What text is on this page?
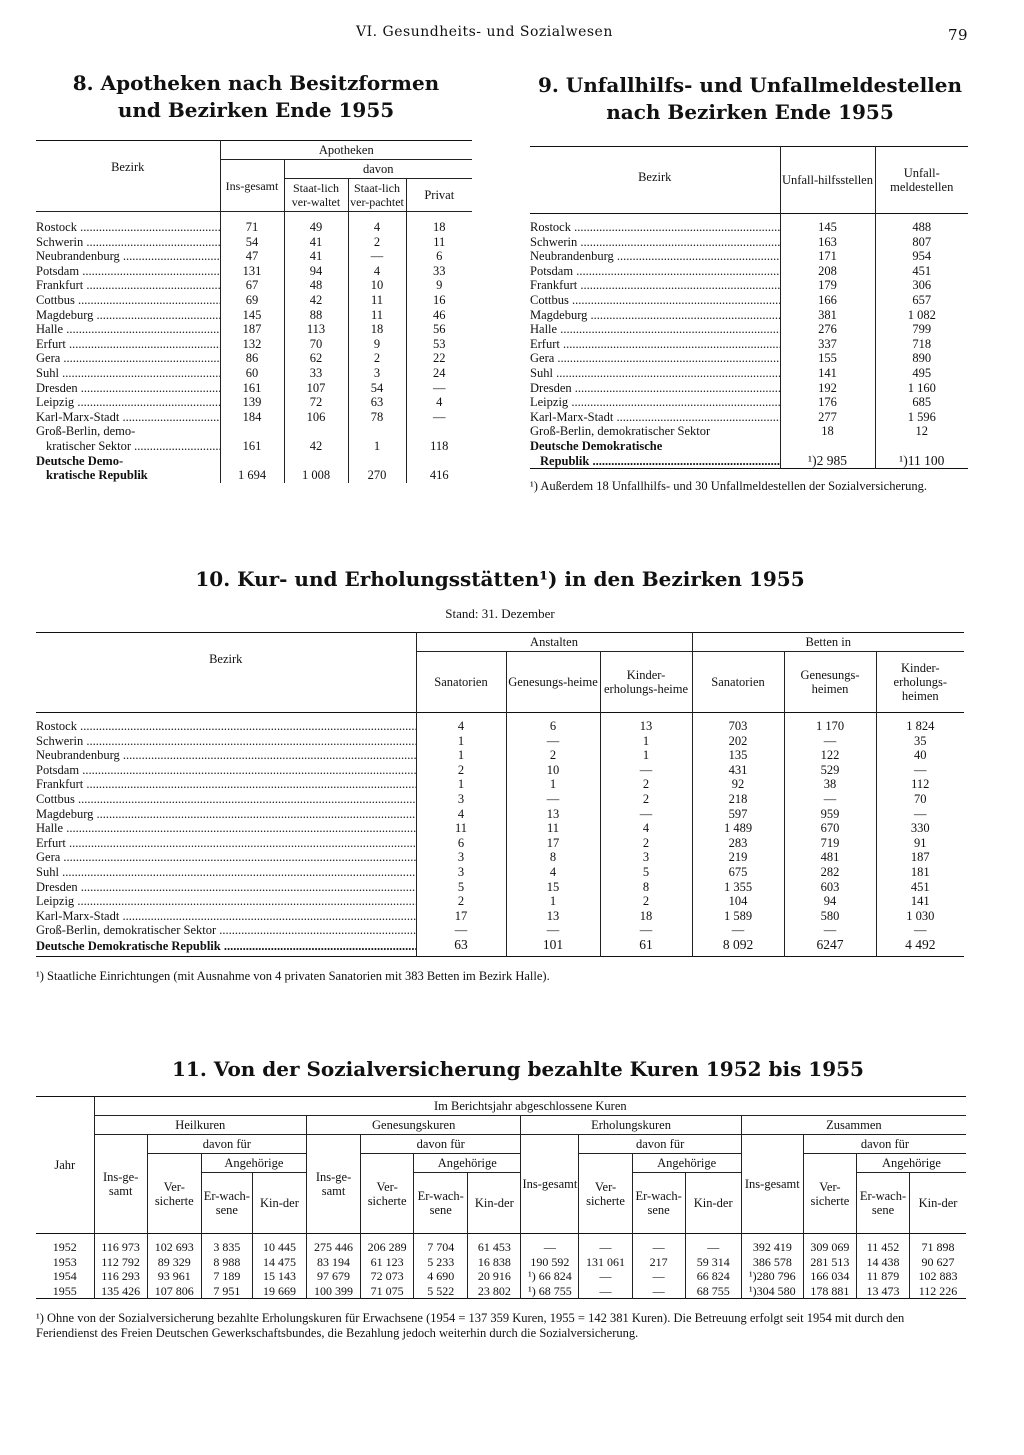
VI. Gesundheits- und Sozialwesen	79
8. Apotheken nach Besitzformen
und Bezirken Ende 1955
Bezirk	Apotheken			
	Ins-gesamt	davon		
		Staat-lich ver-waltet	Staat-lich ver-pachtet	Privat
Rostock .....	71	49	4	18
Schwerin .....	54	41	2	11
Neubrandenburg .....	47	41	—	6
Potsdam .....	131	94	4	33
Frankfurt .....	67	48	10	9
Cottbus .....	69	42	11	16
Magdeburg .....	145	88	11	46
Halle .....	187	113	18	56
Erfurt .....	132	70	9	53
Gera .....	86	62	2	22
Suhl .....	60	33	3	24
Dresden .....	161	107	54	—
Leipzig .....	139	72	63	4
Karl-Marx-Stadt .....	184	106	78	—
Groß-Berlin, demo-				
kratischer Sektor .....	161	42	1	118
Deutsche Demo-				
kratische Republik	1 694	1 008	270	416
9. Unfallhilfs- und Unfallmeldestellen
nach Bezirken Ende 1955
Bezirk	Unfall-hilfsstellen	Unfall-meldestellen
Rostock .....	145	488
Schwerin .....	163	807
Neubrandenburg .....	171	954
Potsdam .....	208	451
Frankfurt .....	179	306
Cottbus .....	166	657
Magdeburg .....	381	1 082
Halle .....	276	799
Erfurt .....	337	718
Gera .....	155	890
Suhl .....	141	495
Dresden .....	192	1 160
Leipzig .....	176	685
Karl-Marx-Stadt .....	277	1 596
Groß-Berlin, demokratischer Sektor	18	12
Deutsche Demokratische		
Republik .....	¹)2 985	¹)11 100
¹) Außerdem 18 Unfallhilfs- und 30 Unfallmeldestellen der Sozialversicherung.
10. Kur- und Erholungsstätten¹) in den Bezirken 1955
Stand: 31. Dezember
Bezirk	Anstalten			Betten in		
	Sanatorien	Genesungs-heime	Kinder-erholungs-heime	Sanatorien	Genesungs-heimen	Kinder-erholungs-heimen
Rostock .....	4	6	13	703	1 170	1 824
Schwerin .....	1	—	1	202	—	35
Neubrandenburg .....	1	2	1	135	122	40
Potsdam .....	2	10	—	431	529	—
Frankfurt .....	1	1	2	92	38	112
Cottbus .....	3	—	2	218	—	70
Magdeburg .....	4	13	—	597	959	—
Halle .....	11	11	4	1 489	670	330
Erfurt .....	6	17	2	283	719	91
Gera .....	3	8	3	219	481	187
Suhl .....	3	4	5	675	282	181
Dresden .....	5	15	8	1 355	603	451
Leipzig .....	2	1	2	104	94	141
Karl-Marx-Stadt .....	17	13	18	1 589	580	1 030
Groß-Berlin, demokratischer Sektor .....	—	—	—	—	—	—
Deutsche Demokratische Republik .....	63	101	61	8 092	6247	4 492
¹) Staatliche Einrichtungen (mit Ausnahme von 4 privaten Sanatorien mit 383 Betten im Bezirk Halle).
11. Von der Sozialversicherung bezahlte Kuren 1952 bis 1955
Jahr	Im Berichtsjahr abgeschlossene Kuren															
	Heilkuren				Genesungskuren				Erholungskuren				Zusammen			
	Ins-ge-samt	davon für			Ins-ge-samt	davon für			Ins-gesamt	davon für			Ins-gesamt	davon für		
		Ver-sicherte	Angehörige			Ver-sicherte	Angehörige			Ver-sicherte	Angehörige			Ver-sicherte	Angehörige	
			Er-wach-sene	Kin-der			Er-wach-sene	Kin-der			Er-wach-sene	Kin-der			Er-wach-sene	Kin-der
1952	116 973	102 693	3 835	10 445	275 446	206 289	7 704	61 453	—	—	—	—	392 419	309 069	11 452	71 898
1953	112 792	89 329	8 988	14 475	83 194	61 123	5 233	16 838	190 592	131 061	217	59 314	386 578	281 513	14 438	90 627
1954	116 293	93 961	7 189	15 143	97 679	72 073	4 690	20 916	¹) 66 824	—	—	66 824	¹)280 796	166 034	11 879	102 883
1955	135 426	107 806	7 951	19 669	100 399	71 075	5 522	23 802	¹) 68 755	—	—	68 755	¹)304 580	178 881	13 473	112 226
¹) Ohne von der Sozialversicherung bezahlte Erholungskuren für Erwachsene (1954 = 137 359 Kuren, 1955 = 142 381 Kuren). Die Betreuung erfolgt seit 1954 mit durch den Feriendienst des Freien Deutschen Gewerkschaftsbundes, die Bezahlung jedoch weiterhin durch die Sozialversicherung.
